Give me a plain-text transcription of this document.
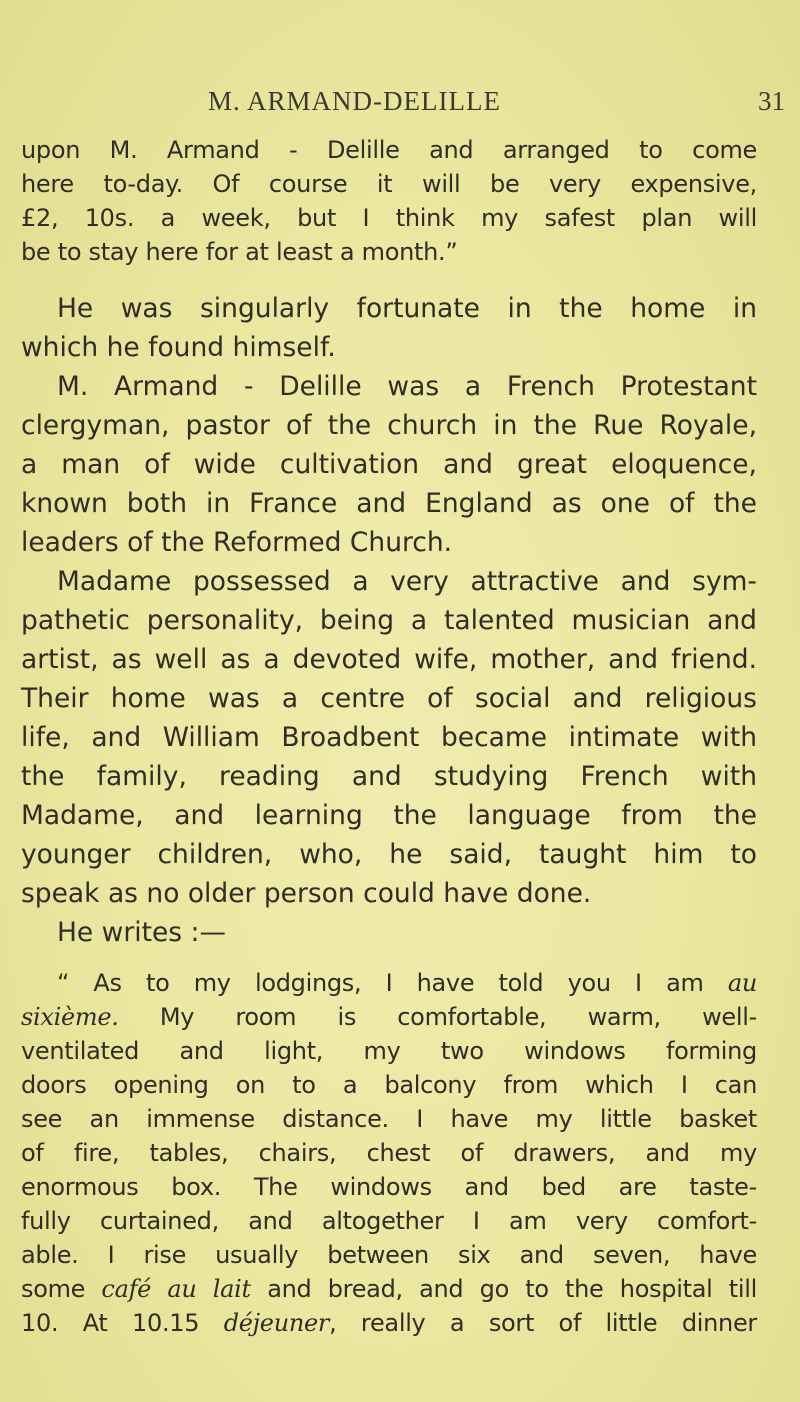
M. ARMAND-DELILLE	31
upon M. Armand - Delille and arranged to come
here to-day. Of course it will be very expensive,
£2, 10s. a week, but I think my safest plan will
be to stay here for at least a month.”
He was singularly fortunate in the home in
which he found himself.
M. Armand - Delille was a French Protestant
clergyman, pastor of the church in the Rue Royale,
a man of wide cultivation and great eloquence,
known both in France and England as one of the
leaders of the Reformed Church.
Madame possessed a very attractive and sym-
pathetic personality, being a talented musician and
artist, as well as a devoted wife, mother, and friend.
Their home was a centre of social and religious
life, and William Broadbent became intimate with
the family, reading and studying French with
Madame, and learning the language from the
younger children, who, he said, taught him to
speak as no older person could have done.
He writes :—
“ As to my lodgings, I have told you I am au
sixième. My room is comfortable, warm, well-
ventilated and light, my two windows forming
doors opening on to a balcony from which I can
see an immense distance. I have my little basket
of fire, tables, chairs, chest of drawers, and my
enormous box. The windows and bed are taste-
fully curtained, and altogether I am very comfort-
able. I rise usually between six and seven, have
some café au lait and bread, and go to the hospital till
10. At 10.15 déjeuner, really a sort of little dinner
